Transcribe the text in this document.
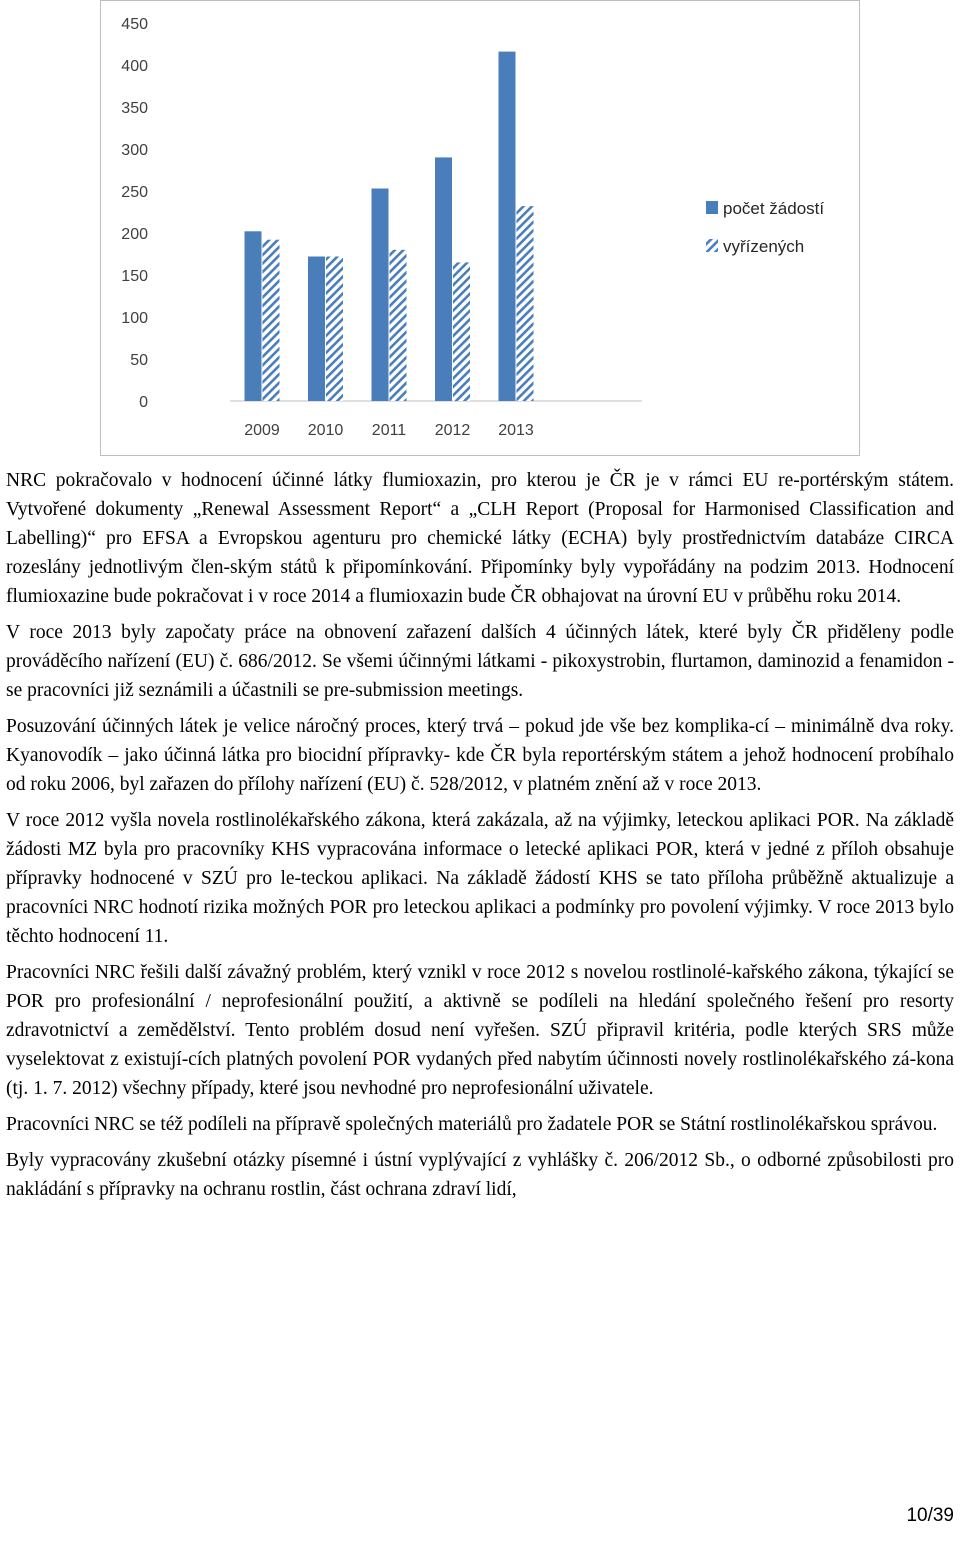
450
400
350
300
250
200
150
100
50
0
2009 2010 2011 2012 2013
počet žádostí
vyřízených

NRC pokračovalo v hodnocení účinné látky flumioxazin, pro kterou je ČR je v rámci EU re-portérským státem. Vytvořené dokumenty „Renewal Assessment Report“ a „CLH Report (Proposal for Harmonised Classification and Labelling)“ pro EFSA a Evropskou agenturu pro chemické látky (ECHA) byly prostřednictvím databáze CIRCA rozeslány jednotlivým člen-ským států k připomínkování. Připomínky byly vypořádány na podzim 2013. Hodnocení flumioxazine bude pokračovat i v roce 2014 a flumioxazin bude ČR obhajovat na úrovní EU v průběhu roku 2014.

V roce 2013 byly započaty práce na obnovení zařazení dalších 4 účinných látek, které byly ČR přiděleny podle prováděcího nařízení (EU) č. 686/2012. Se všemi účinnými látkami - pikoxystrobin, flurtamon, daminozid a fenamidon - se pracovníci již seznámili a účastnili se pre-submission meetings.

Posuzování účinných látek je velice náročný proces, který trvá – pokud jde vše bez komplika-cí – minimálně dva roky. Kyanovodík – jako účinná látka pro biocidní přípravky- kde ČR byla reportérským státem a jehož hodnocení probíhalo od roku 2006, byl zařazen do přílohy nařízení (EU) č. 528/2012, v platném znění až v roce 2013.

V roce 2012 vyšla novela rostlinolékařského zákona, která zakázala, až na výjimky, leteckou aplikaci POR. Na základě žádosti MZ byla pro pracovníky KHS vypracována informace o letecké aplikaci POR, která v jedné z příloh obsahuje přípravky hodnocené v SZÚ pro le-teckou aplikaci. Na základě žádostí KHS se tato příloha průběžně aktualizuje a pracovníci NRC hodnotí rizika možných POR pro leteckou aplikaci a podmínky pro povolení výjimky. V roce 2013 bylo těchto hodnocení 11.

Pracovníci NRC řešili další závažný problém, který vznikl v roce 2012 s novelou rostlinolé-kařského zákona, týkající se POR pro profesionální / neprofesionální použití, a aktivně se podíleli na hledání společného řešení pro resorty zdravotnictví a zemědělství. Tento problém dosud není vyřešen. SZÚ připravil kritéria, podle kterých SRS může vyselektovat z existují-cích platných povolení POR vydaných před nabytím účinnosti novely rostlinolékařského zá-kona (tj. 1. 7. 2012) všechny případy, které jsou nevhodné pro neprofesionální uživatele.

Pracovníci NRC se též podíleli na přípravě společných materiálů pro žadatele POR se Státní rostlinolékařskou správou.

Byly vypracovány zkušební otázky písemné i ústní vyplývající z vyhlášky č. 206/2012 Sb., o odborné způsobilosti pro nakládání s přípravky na ochranu rostlin, část ochrana zdraví lidí,

10/39
